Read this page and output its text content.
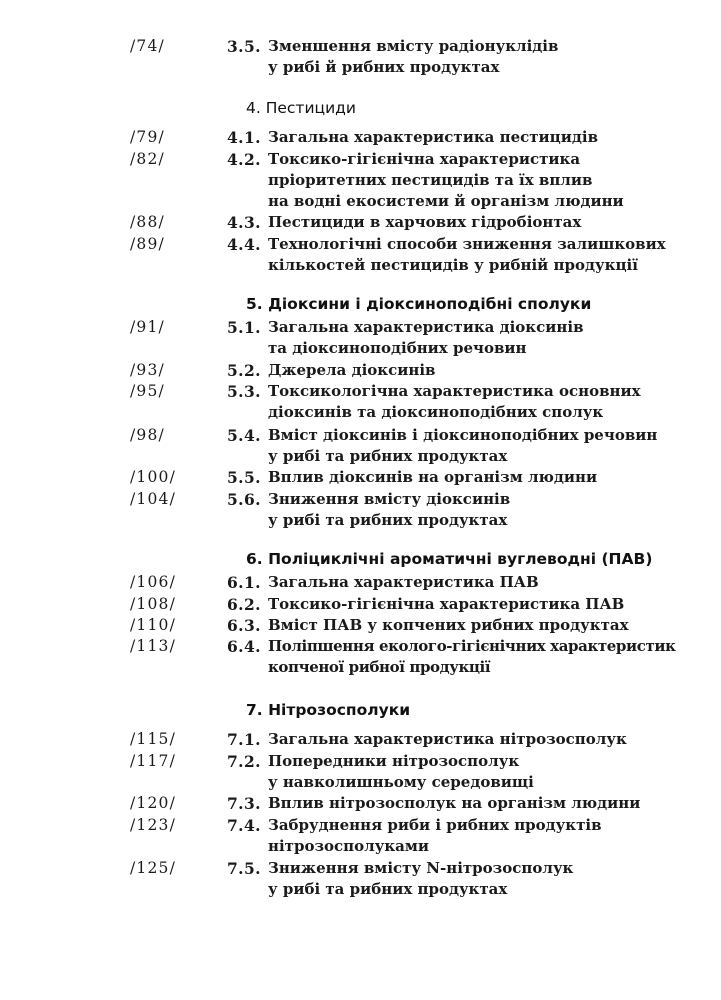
/74/	3.5. Зменшення вмісту радіонуклідів
у рибі й рибних продуктах
4. Пестициди
/79/	4.1. Загальна характеристика пестицидів
/82/	4.2. Токсико-гігієнічна характеристика
пріоритетних пестицидів та їх вплив
на водні екосистеми й організм людини
/88/	4.3. Пестициди в харчових гідробіонтах
/89/	4.4. Технологічні способи зниження залишкових
кількостей пестицидів у рибній продукції
5. Діоксини і діоксиноподібні сполуки
/91/	5.1. Загальна характеристика діоксинів
та діоксиноподібних речовин
/93/	5.2. Джерела діоксинів
/95/	5.3. Токсикологічна характеристика основних
діоксинів та діоксиноподібних сполук
/98/	5.4. Вміст діоксинів і діоксиноподібних речовин
у рибі та рибних продуктах
/100/	5.5. Вплив діоксинів на організм людини
/104/	5.6. Зниження вмісту діоксинів
у рибі та рибних продуктах
6. Поліциклічні ароматичні вуглеводні (ПАВ)
/106/	6.1. Загальна характеристика ПАВ
/108/	6.2. Токсико-гігієнічна характеристика ПАВ
/110/	6.3. Вміст ПАВ у копчених рибних продуктах
/113/	6.4. Поліпшення еколого-гігієнічних характеристик
копченої рибної продукції
7. Нітрозосполуки
/115/	7.1. Загальна характеристика нітрозосполук
/117/	7.2. Попередники нітрозосполук
у навколишньому середовищі
/120/	7.3. Вплив нітрозосполук на організм людини
/123/	7.4. Забруднення риби і рибних продуктів
нітрозосполуками
/125/	7.5. Зниження вмісту N-нітрозосполук
у рибі та рибних продуктах
